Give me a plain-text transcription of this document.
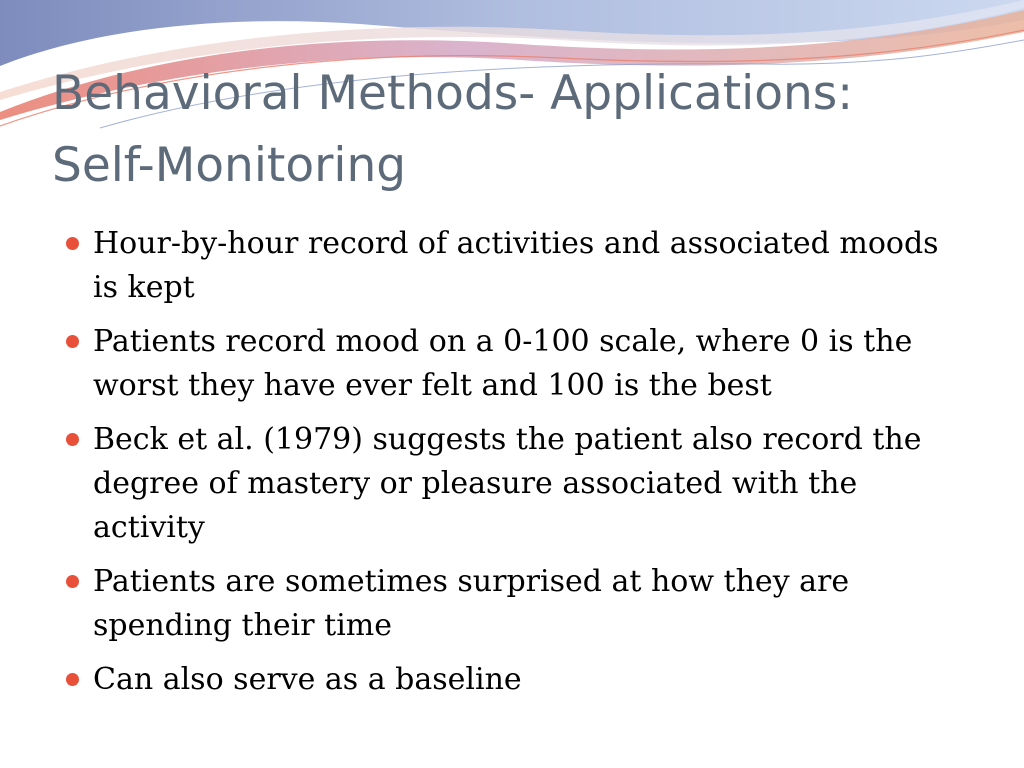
Behavioral Methods- Applications:
Self-Monitoring
Hour-by-hour record of activities and associated moods is kept
Patients record mood on a 0-100 scale, where 0 is the worst they have ever felt and 100 is the best
Beck et al. (1979) suggests the patient also record the degree of mastery or pleasure associated with the activity
Patients are sometimes surprised at how they are spending their time
Can also serve as a baseline
